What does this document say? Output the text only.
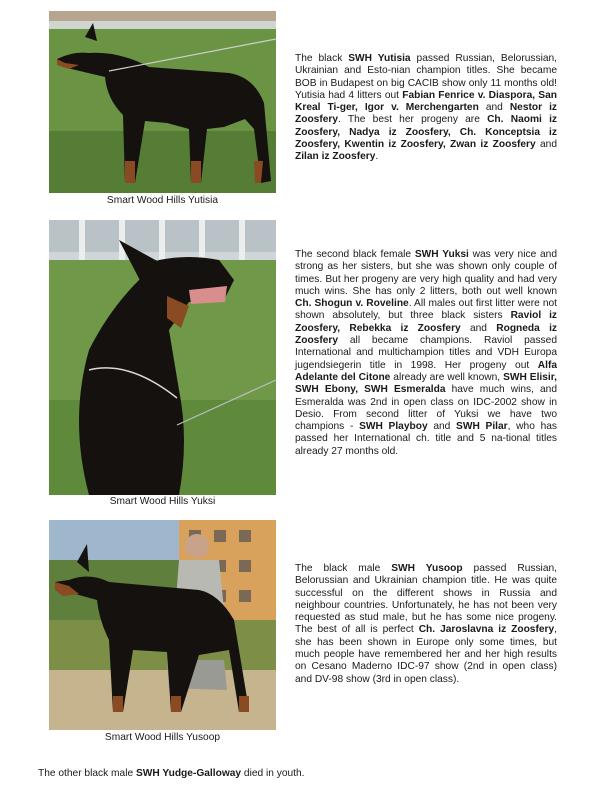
Smart Wood Hills Yutisia
The black SWH Yutisia passed Russian, Belorussian, Ukrainian and Esto-nian champion titles. She became BOB in Budapest on big CACIB show only 11 months old! Yutisia had 4 litters out Fabian Fenrice v. Diaspora, San Kreal Ti-ger, Igor v. Merchengarten and Nestor iz Zoosfery. The best her progeny are Ch. Naomi iz Zoosfery, Nadya iz Zoosfery, Ch. Konceptsia iz Zoosfery, Kwentin iz Zoosfery, Zwan iz Zoosfery and Zilan iz Zoosfery.
Smart Wood Hills Yuksi
The second black female SWH Yuksi was very nice and strong as her sisters, but she was shown only couple of times. But her progeny are very high quality and had very much wins. She has only 2 litters, both out well known Ch. Shogun v. Roveline. All males out first litter were not shown absolutely, but three black sisters Raviol iz Zoosfery, Rebekka iz Zoosfery and Rogneda iz Zoosfery all became champions. Raviol passed International and multichampion titles and VDH Europa jugendsiegerin title in 1998. Her progeny out Alfa Adelante del Citone already are well known, SWH Elisir, SWH Ebony, SWH Esmeralda have much wins, and Esmeralda was 2nd in open class on IDC-2002 show in Desio. From second litter of Yuksi we have two champions - SWH Playboy and SWH Pilar, who has passed her International ch. title and 5 na-tional titles already 27 months old.
Smart Wood Hills Yusoop
The black male SWH Yusoop passed Russian, Belorussian and Ukrainian champion title. He was quite successful on the different shows in Russia and neighbour countries. Unfortunately, he has not been very requested as stud male, but he has some nice progeny. The best of all is perfect Ch. Jaroslavna iz Zoosfery, she has been shown in Europe only some times, but much people have remembered her and her high results on Cesano Maderno IDC-97 show (2nd in open class) and DV-98 show (3rd in open class).
The other black male SWH Yudge-Galloway died in youth.
